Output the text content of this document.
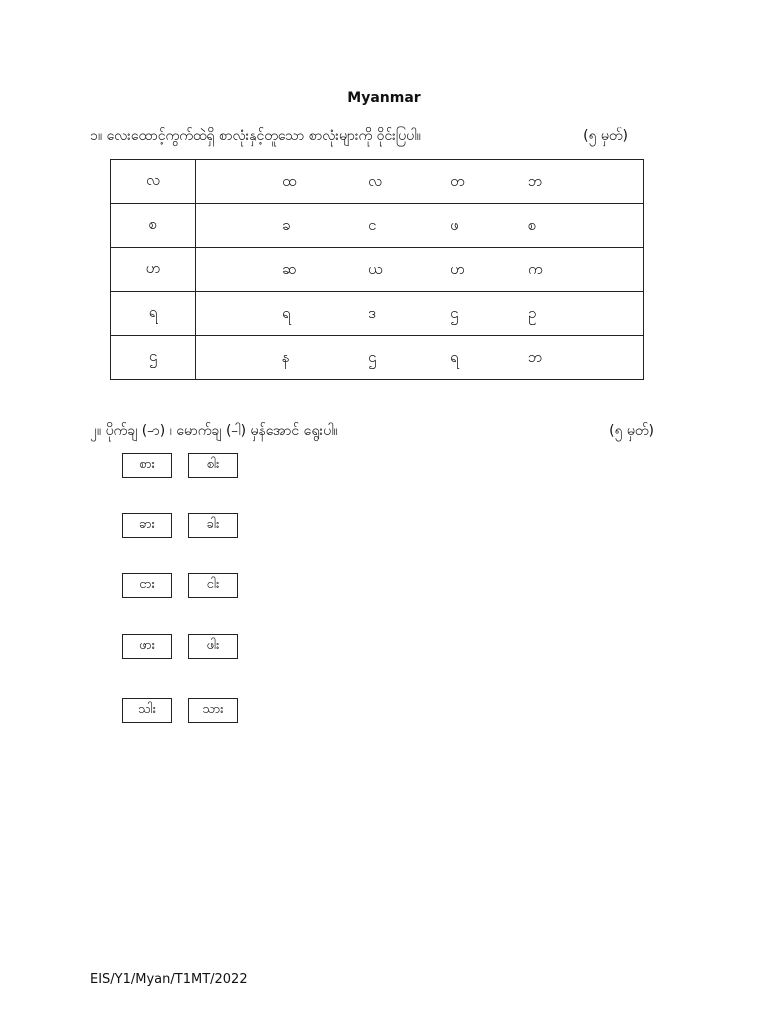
Myanmar
၁။ လေးထောင့်ကွက်ထဲရှိ စာလုံးနှင့်တူသော စာလုံးများကို ဝိုင်းပြပါ။	(၅ မှတ်)
လ	ထ လ တ ဘ

စ	ခ င ဖ စ

ဟ	ဆ ယ ဟ က

ရ	ရ ဒ ဌ ဥ

ဌ	န ဌ ရ ဘ
၂။ ပိုက်ချ (-ာ) ၊ မောက်ချ (-ါ) မှန်အောင် ရွေးပါ။	(၅ မှတ်)
စား	စါး
ခား	ခါး
ငား	ငါး
ဖား	ဖါး
သါး	သား
EIS/Y1/Myan/T1MT/2022
